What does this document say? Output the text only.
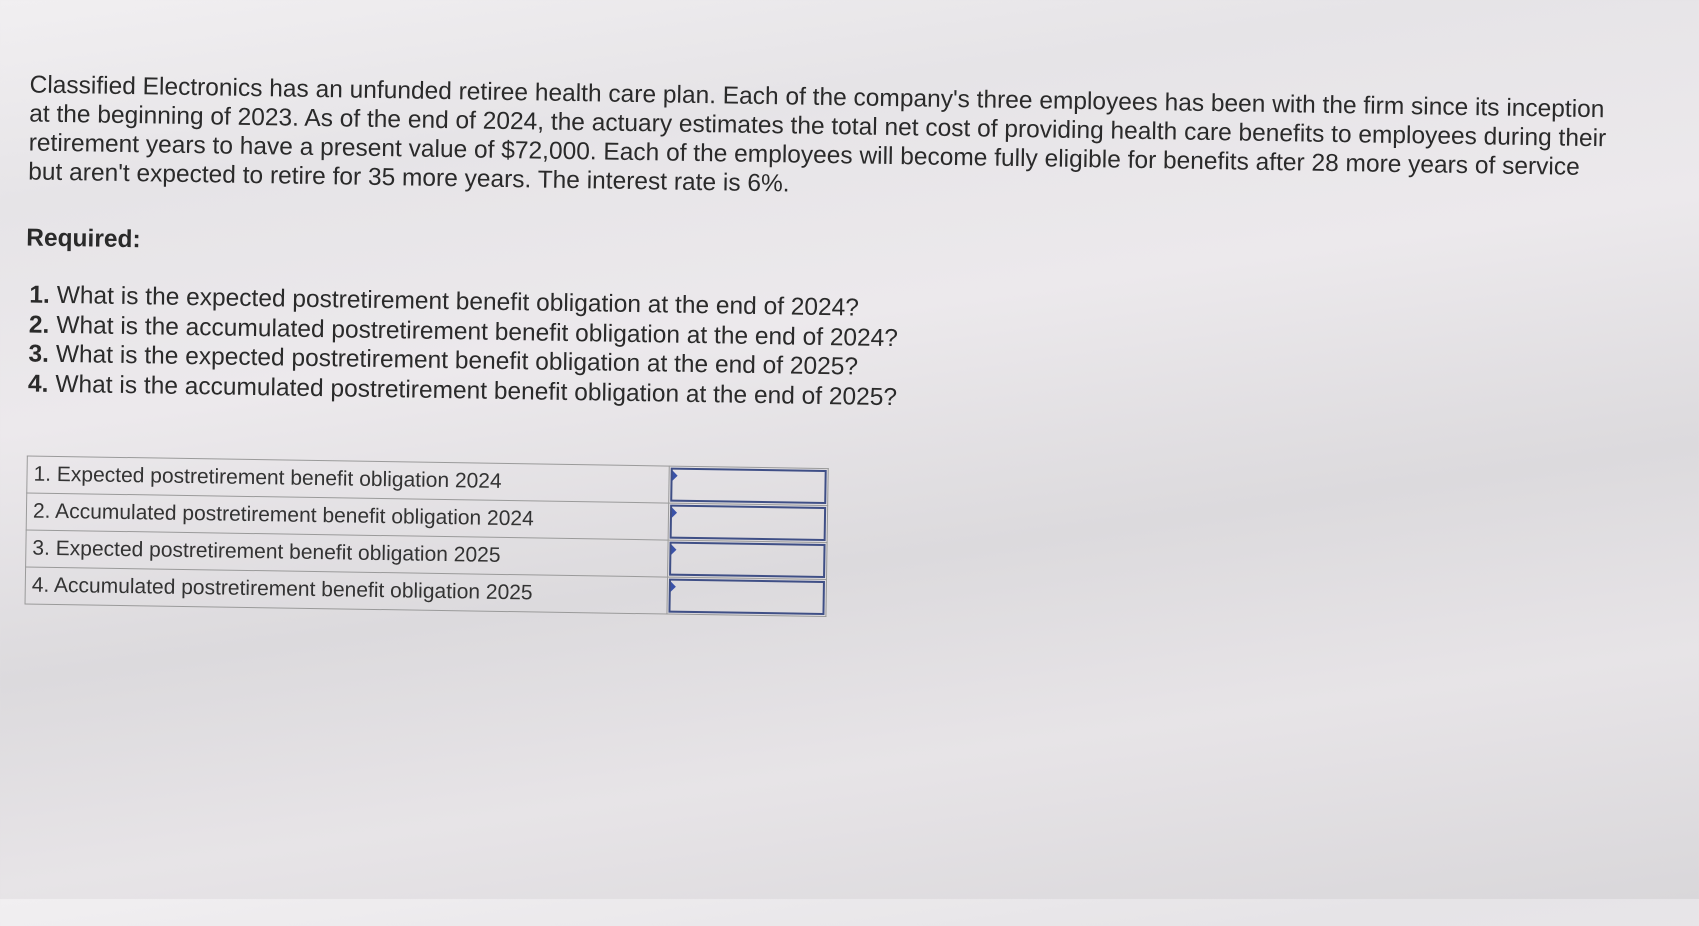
Classified Electronics has an unfunded retiree health care plan. Each of the company's three employees has been with the firm since its inception at the beginning of 2023. As of the end of 2024, the actuary estimates the total net cost of providing health care benefits to employees during their retirement years to have a present value of $72,000. Each of the employees will become fully eligible for benefits after 28 more years of service but aren't expected to retire for 35 more years. The interest rate is 6%.

Required:

1. What is the expected postretirement benefit obligation at the end of 2024?
2. What is the accumulated postretirement benefit obligation at the end of 2024?
3. What is the expected postretirement benefit obligation at the end of 2025?
4. What is the accumulated postretirement benefit obligation at the end of 2025?
1. Expected postretirement benefit obligation 2024	

2. Accumulated postretirement benefit obligation 2024	

3. Expected postretirement benefit obligation 2025	

4. Accumulated postretirement benefit obligation 2025	
